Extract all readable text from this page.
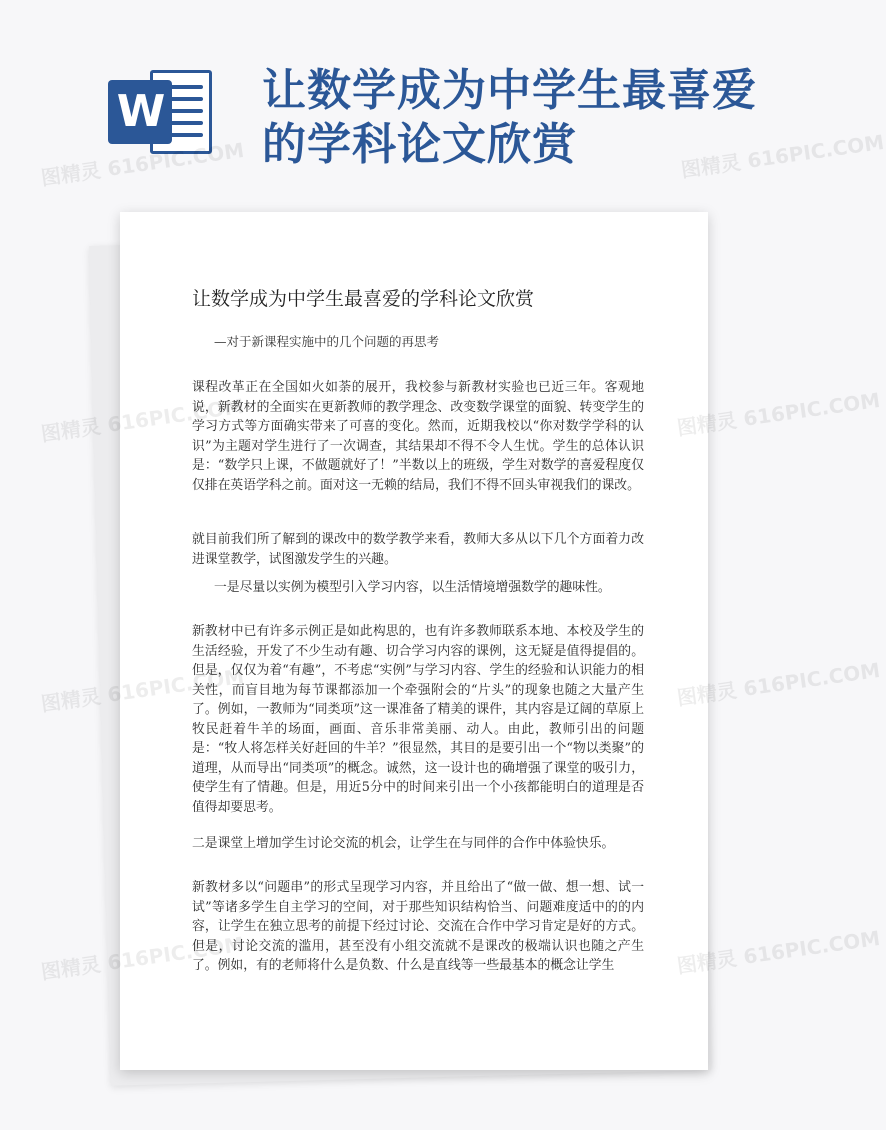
W 让数学成为中学生最喜爱的学科论文欣赏
让数学成为中学生最喜爱的学科论文欣赏
—对于新课程实施中的几个问题的再思考

课程改革正在全国如火如荼的展开，我校参与新教材实验也已近三年。客观地说，新教材的全面实在更新教师的教学理念、改变数学课堂的面貌、转变学生的学习方式等方面确实带来了可喜的变化。然而，近期我校以“你对数学学科的认识”为主题对学生进行了一次调查，其结果却不得不令人生忧。学生的总体认识是：“数学只上课，不做题就好了！”半数以上的班级，学生对数学的喜爱程度仅仅排在英语学科之前。面对这一无赖的结局，我们不得不回头审视我们的课改。

就目前我们所了解到的课改中的数学教学来看，教师大多从以下几个方面着力改进课堂教学，试图激发学生的兴趣。

一是尽量以实例为模型引入学习内容，以生活情境增强数学的趣味性。

新教材中已有许多示例正是如此构思的，也有许多教师联系本地、本校及学生的生活经验，开发了不少生动有趣、切合学习内容的课例，这无疑是值得提倡的。但是，仅仅为着“有趣”，不考虑“实例”与学习内容、学生的经验和认识能力的相关性，而盲目地为每节课都添加一个牵强附会的“片头”的现象也随之大量产生了。例如，一教师为“同类项”这一课准备了精美的课件，其内容是辽阔的草原上牧民赶着牛羊的场面，画面、音乐非常美丽、动人。由此，教师引出的问题是：“牧人将怎样关好赶回的牛羊？”很显然，其目的是要引出一个“物以类聚”的道理，从而导出“同类项”的概念。诚然，这一设计也的确增强了课堂的吸引力，使学生有了情趣。但是，用近5分中的时间来引出一个小孩都能明白的道理是否值得却要思考。

二是课堂上增加学生讨论交流的机会，让学生在与同伴的合作中体验快乐。

新教材多以“问题串”的形式呈现学习内容，并且给出了“做一做、想一想、试一试”等诸多学生自主学习的空间，对于那些知识结构恰当、问题难度适中的的内容，让学生在独立思考的前提下经过讨论、交流在合作中学习肯定是好的方式。但是，讨论交流的滥用，甚至没有小组交流就不是课改的极端认识也随之产生了。例如，有的老师将什么是负数、什么是直线等一些最基本的概念让学生

图精灵 616PIC.COM	图精灵 616PIC.COM
图精灵	图精灵 616PIC.COM
图精灵	图精灵 616PIC.COM
图精灵	图精灵 616PIC.COM
